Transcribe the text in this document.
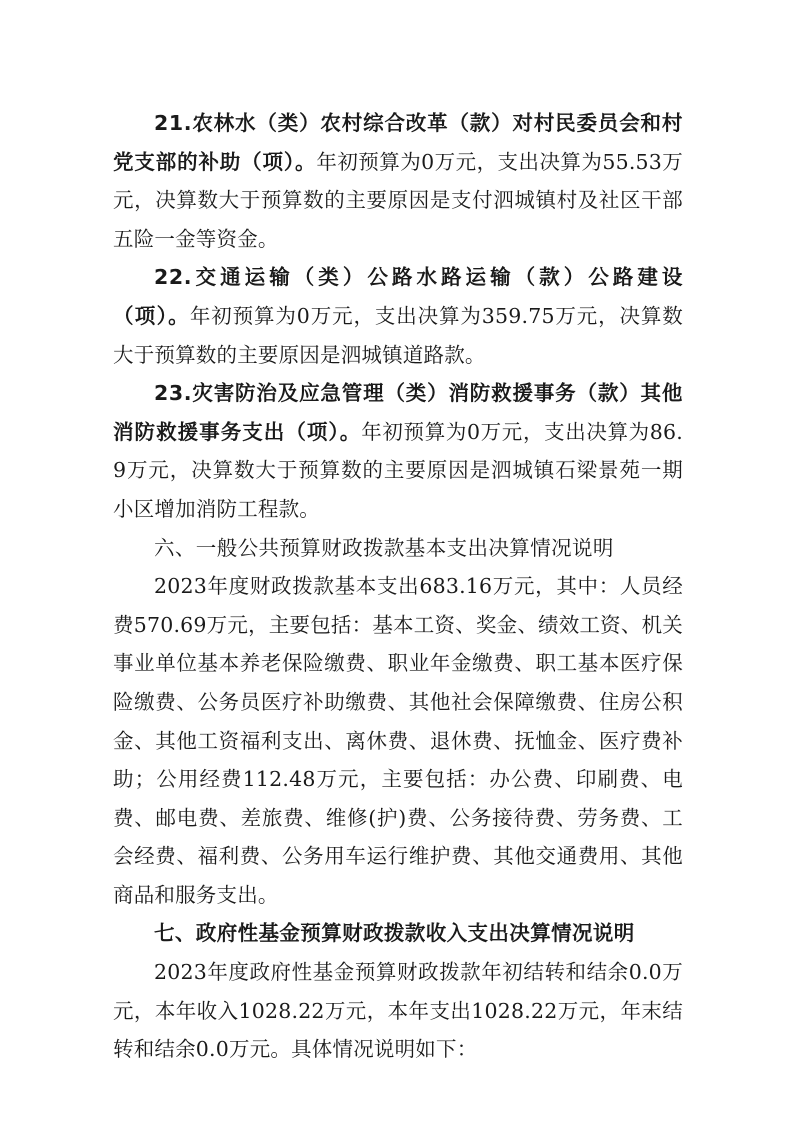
21.农林水（类）农村综合改革（款）对村民委员会和村党支部的补助（项）。年初预算为0万元，支出决算为55.53万元，决算数大于预算数的主要原因是支付泗城镇村及社区干部五险一金等资金。

22.交通运输（类）公路水路运输（款）公路建设（项）。年初预算为0万元，支出决算为359.75万元，决算数大于预算数的主要原因是泗城镇道路款。

23.灾害防治及应急管理（类）消防救援事务（款）其他消防救援事务支出（项）。年初预算为0万元，支出决算为86.9万元，决算数大于预算数的主要原因是泗城镇石梁景苑一期小区增加消防工程款。

六、一般公共预算财政拨款基本支出决算情况说明

2023年度财政拨款基本支出683.16万元，其中：人员经费570.69万元，主要包括：基本工资、奖金、绩效工资、机关事业单位基本养老保险缴费、职业年金缴费、职工基本医疗保险缴费、公务员医疗补助缴费、其他社会保障缴费、住房公积金、其他工资福利支出、离休费、退休费、抚恤金、医疗费补助；公用经费112.48万元，主要包括：办公费、印刷费、电费、邮电费、差旅费、维修(护)费、公务接待费、劳务费、工会经费、福利费、公务用车运行维护费、其他交通费用、其他商品和服务支出。

七、政府性基金预算财政拨款收入支出决算情况说明

2023年度政府性基金预算财政拨款年初结转和结余0.0万元，本年收入1028.22万元，本年支出1028.22万元，年末结转和结余0.0万元。具体情况说明如下：
